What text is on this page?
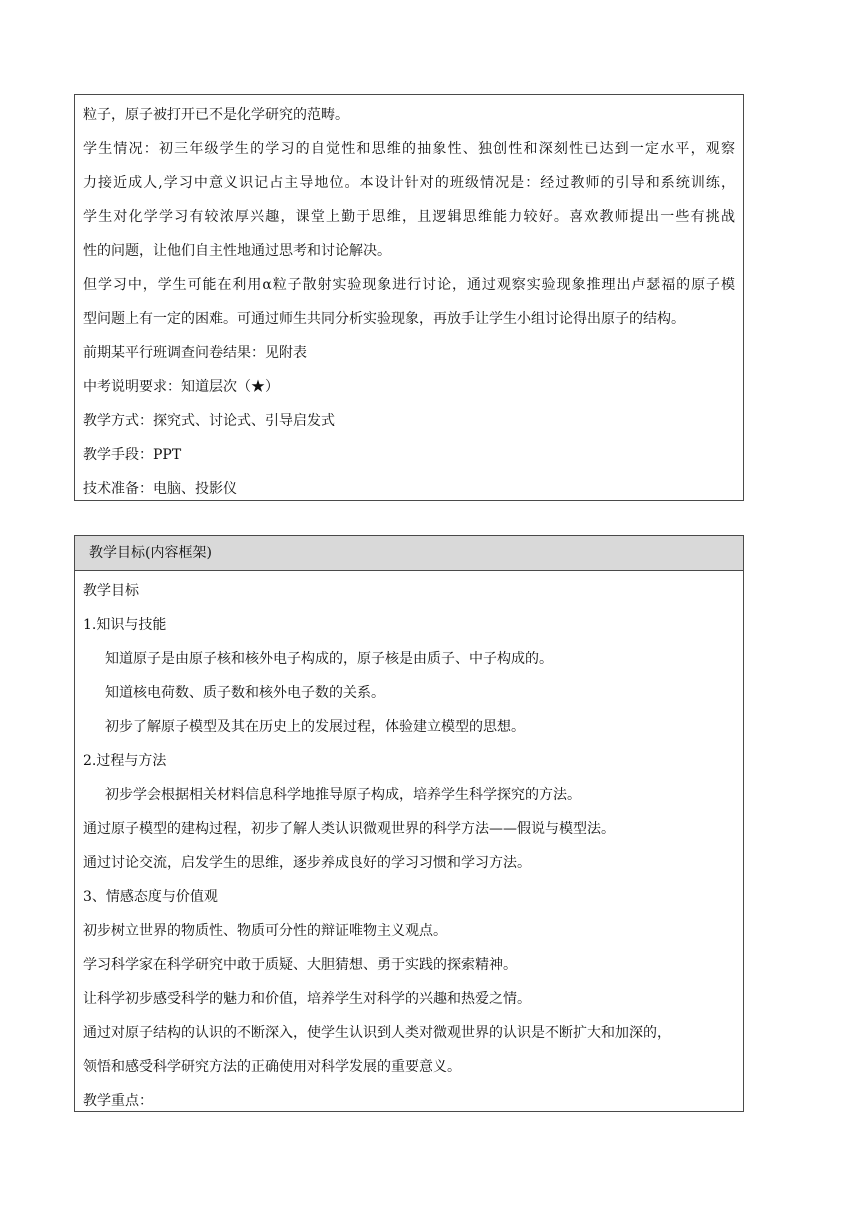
粒子，原子被打开已不是化学研究的范畴。
学生情况：初三年级学生的学习的自觉性和思维的抽象性、独创性和深刻性已达到一定水平，观察
力接近成人,学习中意义识记占主导地位。本设计针对的班级情况是：经过教师的引导和系统训练，
学生对化学学习有较浓厚兴趣，课堂上勤于思维，且逻辑思维能力较好。喜欢教师提出一些有挑战
性的问题，让他们自主性地通过思考和讨论解决。
但学习中，学生可能在利用α粒子散射实验现象进行讨论，通过观察实验现象推理出卢瑟福的原子模
型问题上有一定的困难。可通过师生共同分析实验现象，再放手让学生小组讨论得出原子的结构。
前期某平行班调查问卷结果：见附表
中考说明要求：知道层次（★）
教学方式：探究式、讨论式、引导启发式
教学手段：PPT
技术准备：电脑、投影仪
教学目标(内容框架)
教学目标
1.知识与技能
知道原子是由原子核和核外电子构成的，原子核是由质子、中子构成的。
知道核电荷数、质子数和核外电子数的关系。
初步了解原子模型及其在历史上的发展过程，体验建立模型的思想。
2.过程与方法
初步学会根据相关材料信息科学地推导原子构成，培养学生科学探究的方法。
通过原子模型的建构过程，初步了解人类认识微观世界的科学方法——假说与模型法。
通过讨论交流，启发学生的思维，逐步养成良好的学习习惯和学习方法。
3、情感态度与价值观
初步树立世界的物质性、物质可分性的辩证唯物主义观点。
学习科学家在科学研究中敢于质疑、大胆猜想、勇于实践的探索精神。
让科学初步感受科学的魅力和价值，培养学生对科学的兴趣和热爱之情。
通过对原子结构的认识的不断深入，使学生认识到人类对微观世界的认识是不断扩大和加深的，
领悟和感受科学研究方法的正确使用对科学发展的重要意义。
教学重点：
